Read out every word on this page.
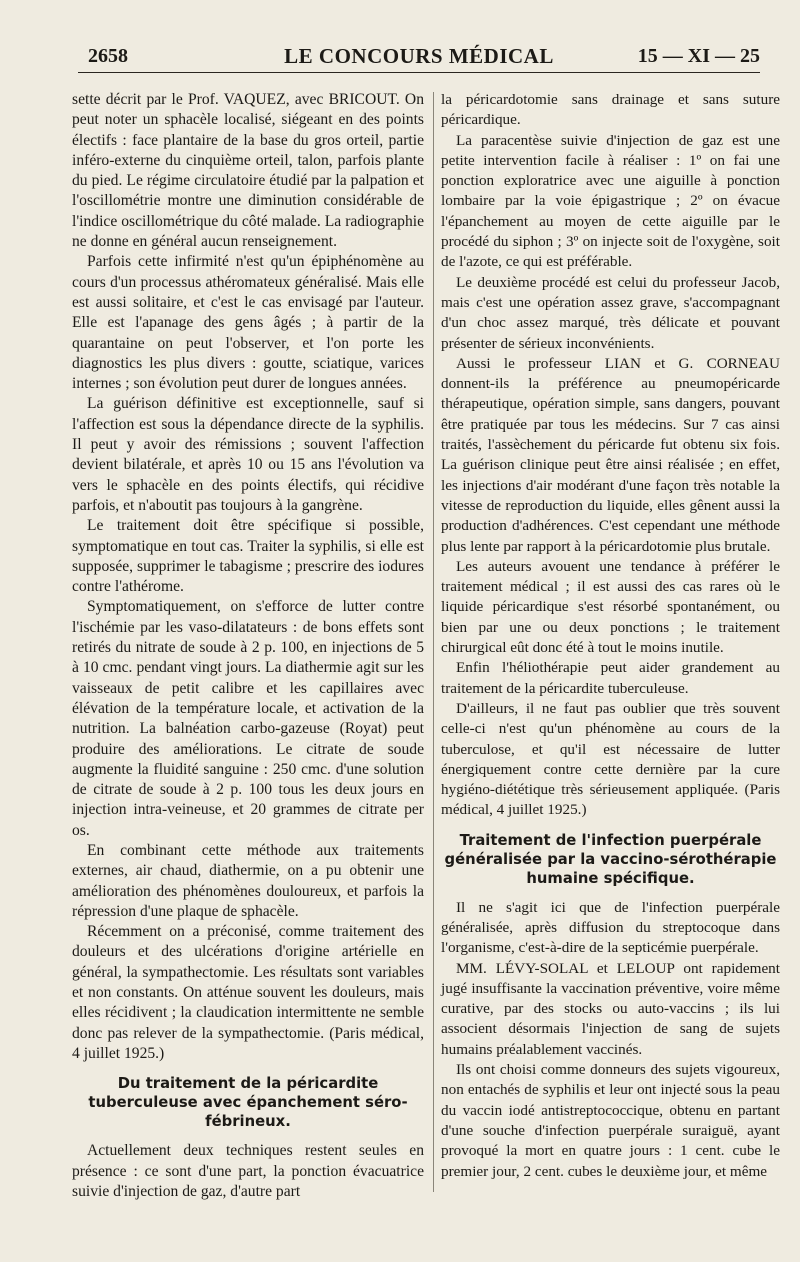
2658	LE CONCOURS MÉDICAL	15 — XI — 25

sette décrit par le Prof. VAQUEZ, avec BRICOUT. On peut noter un sphacèle localisé, siégeant en des points électifs : face plantaire de la base du gros orteil, partie inféro-externe du cinquième orteil, talon, parfois plante du pied. Le régime circulatoire étudié par la palpation et l'oscillométrie montre une diminution considérable de l'indice oscillométrique du côté malade. La radiographie ne donne en général aucun renseignement.

Parfois cette infirmité n'est qu'un épiphénomène au cours d'un processus athéromateux généralisé. Mais elle est aussi solitaire, et c'est le cas envisagé par l'auteur. Elle est l'apanage des gens âgés ; à partir de la quarantaine on peut l'observer, et l'on porte les diagnostics les plus divers : goutte, sciatique, varices internes ; son évolution peut durer de longues années.

La guérison définitive est exceptionnelle, sauf si l'affection est sous la dépendance directe de la syphilis. Il peut y avoir des rémissions ; souvent l'affection devient bilatérale, et après 10 ou 15 ans l'évolution va vers le sphacèle en des points électifs, qui récidive parfois, et n'aboutit pas toujours à la gangrène.

Le traitement doit être spécifique si possible, symptomatique en tout cas. Traiter la syphilis, si elle est supposée, supprimer le tabagisme ; prescrire des iodures contre l'athérome.

Symptomatiquement, on s'efforce de lutter contre l'ischémie par les vaso-dilatateurs : de bons effets sont retirés du nitrate de soude à 2 p. 100, en injections de 5 à 10 cmc. pendant vingt jours. La diathermie agit sur les vaisseaux de petit calibre et les capillaires avec élévation de la température locale, et activation de la nutrition. La balnéation carbo-gazeuse (Royat) peut produire des améliorations. Le citrate de soude augmente la fluidité sanguine : 250 cmc. d'une solution de citrate de soude à 2 p. 100 tous les deux jours en injection intra-veineuse, et 20 grammes de citrate per os.

En combinant cette méthode aux traitements externes, air chaud, diathermie, on a pu obtenir une amélioration des phénomènes douloureux, et parfois la répression d'une plaque de sphacèle.

Récemment on a préconisé, comme traitement des douleurs et des ulcérations d'origine artérielle en général, la sympathectomie. Les résultats sont variables et non constants. On atténue souvent les douleurs, mais elles récidivent ; la claudication intermittente ne semble donc pas relever de la sympathectomie. (Paris médical, 4 juillet 1925.)

Du traitement de la péricardite tuberculeuse avec épanchement séro-fébrineux.

Actuellement deux techniques restent seules en présence : ce sont d'une part, la ponction évacuatrice suivie d'injection de gaz, d'autre part

la péricardotomie sans drainage et sans suture péricardique.

La paracentèse suivie d'injection de gaz est une petite intervention facile à réaliser : 1º on fai une ponction exploratrice avec une aiguille à ponction lombaire par la voie épigastrique ; 2º on évacue l'épanchement au moyen de cette aiguille par le procédé du siphon ; 3º on injecte soit de l'oxygène, soit de l'azote, ce qui est préférable.

Le deuxième procédé est celui du professeur Jacob, mais c'est une opération assez grave, s'accompagnant d'un choc assez marqué, très délicate et pouvant présenter de sérieux inconvénients.

Aussi le professeur LIAN et G. CORNEAU donnent-ils la préférence au pneumopéricarde thérapeutique, opération simple, sans dangers, pouvant être pratiquée par tous les médecins. Sur 7 cas ainsi traités, l'assèchement du péricarde fut obtenu six fois. La guérison clinique peut être ainsi réalisée ; en effet, les injections d'air modérant d'une façon très notable la vitesse de reproduction du liquide, elles gênent aussi la production d'adhérences. C'est cependant une méthode plus lente par rapport à la péricardotomie plus brutale.

Les auteurs avouent une tendance à préférer le traitement médical ; il est aussi des cas rares où le liquide péricardique s'est résorbé spontanément, ou bien par une ou deux ponctions ; le traitement chirurgical eût donc été à tout le moins inutile.

Enfin l'héliothérapie peut aider grandement au traitement de la péricardite tuberculeuse.

D'ailleurs, il ne faut pas oublier que très souvent celle-ci n'est qu'un phénomène au cours de la tuberculose, et qu'il est nécessaire de lutter énergiquement contre cette dernière par la cure hygiéno-diététique très sérieusement appliquée. (Paris médical, 4 juillet 1925.)

Traitement de l'infection puerpérale généralisée par la vaccino-sérothérapie humaine spécifique.

Il ne s'agit ici que de l'infection puerpérale généralisée, après diffusion du streptocoque dans l'organisme, c'est-à-dire de la septicémie puerpérale.

MM. LÉVY-SOLAL et LELOUP ont rapidement jugé insuffisante la vaccination préventive, voire même curative, par des stocks ou auto-vaccins ; ils lui associent désormais l'injection de sang de sujets humains préalablement vaccinés.

Ils ont choisi comme donneurs des sujets vigoureux, non entachés de syphilis et leur ont injecté sous la peau du vaccin iodé antistreptococcique, obtenu en partant d'une souche d'infection puerpérale suraiguë, ayant provoqué la mort en quatre jours : 1 cent. cube le premier jour, 2 cent. cubes le deuxième jour, et même
